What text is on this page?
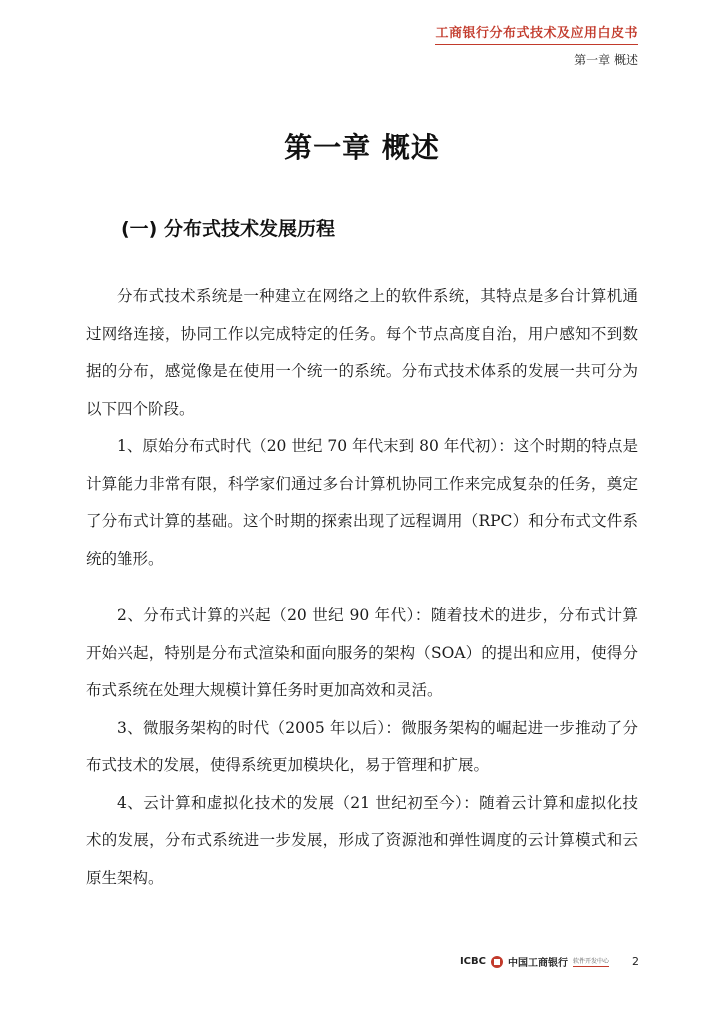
工商银行分布式技术及应用白皮书
第一章 概述
第一章 概述
(一) 分布式技术发展历程

分布式技术系统是一种建立在网络之上的软件系统，其特点是多台计算机通过网络连接，协同工作以完成特定的任务。每个节点高度自治，用户感知不到数据的分布，感觉像是在使用一个统一的系统。分布式技术体系的发展一共可分为以下四个阶段。

1、原始分布式时代（20 世纪 70 年代末到 80 年代初）：这个时期的特点是计算能力非常有限，科学家们通过多台计算机协同工作来完成复杂的任务，奠定了分布式计算的基础。这个时期的探索出现了远程调用（RPC）和分布式文件系统的雏形。

2、分布式计算的兴起（20 世纪 90 年代）：随着技术的进步，分布式计算开始兴起，特别是分布式渲染和面向服务的架构（SOA）的提出和应用，使得分布式系统在处理大规模计算任务时更加高效和灵活。

3、微服务架构的时代（2005 年以后）：微服务架构的崛起进一步推动了分布式技术的发展，使得系统更加模块化，易于管理和扩展。

4、云计算和虚拟化技术的发展（21 世纪初至今）：随着云计算和虚拟化技术的发展，分布式系统进一步发展，形成了资源池和弹性调度的云计算模式和云原生架构。

ICBC 中国工商银行 软件开发中心 2
